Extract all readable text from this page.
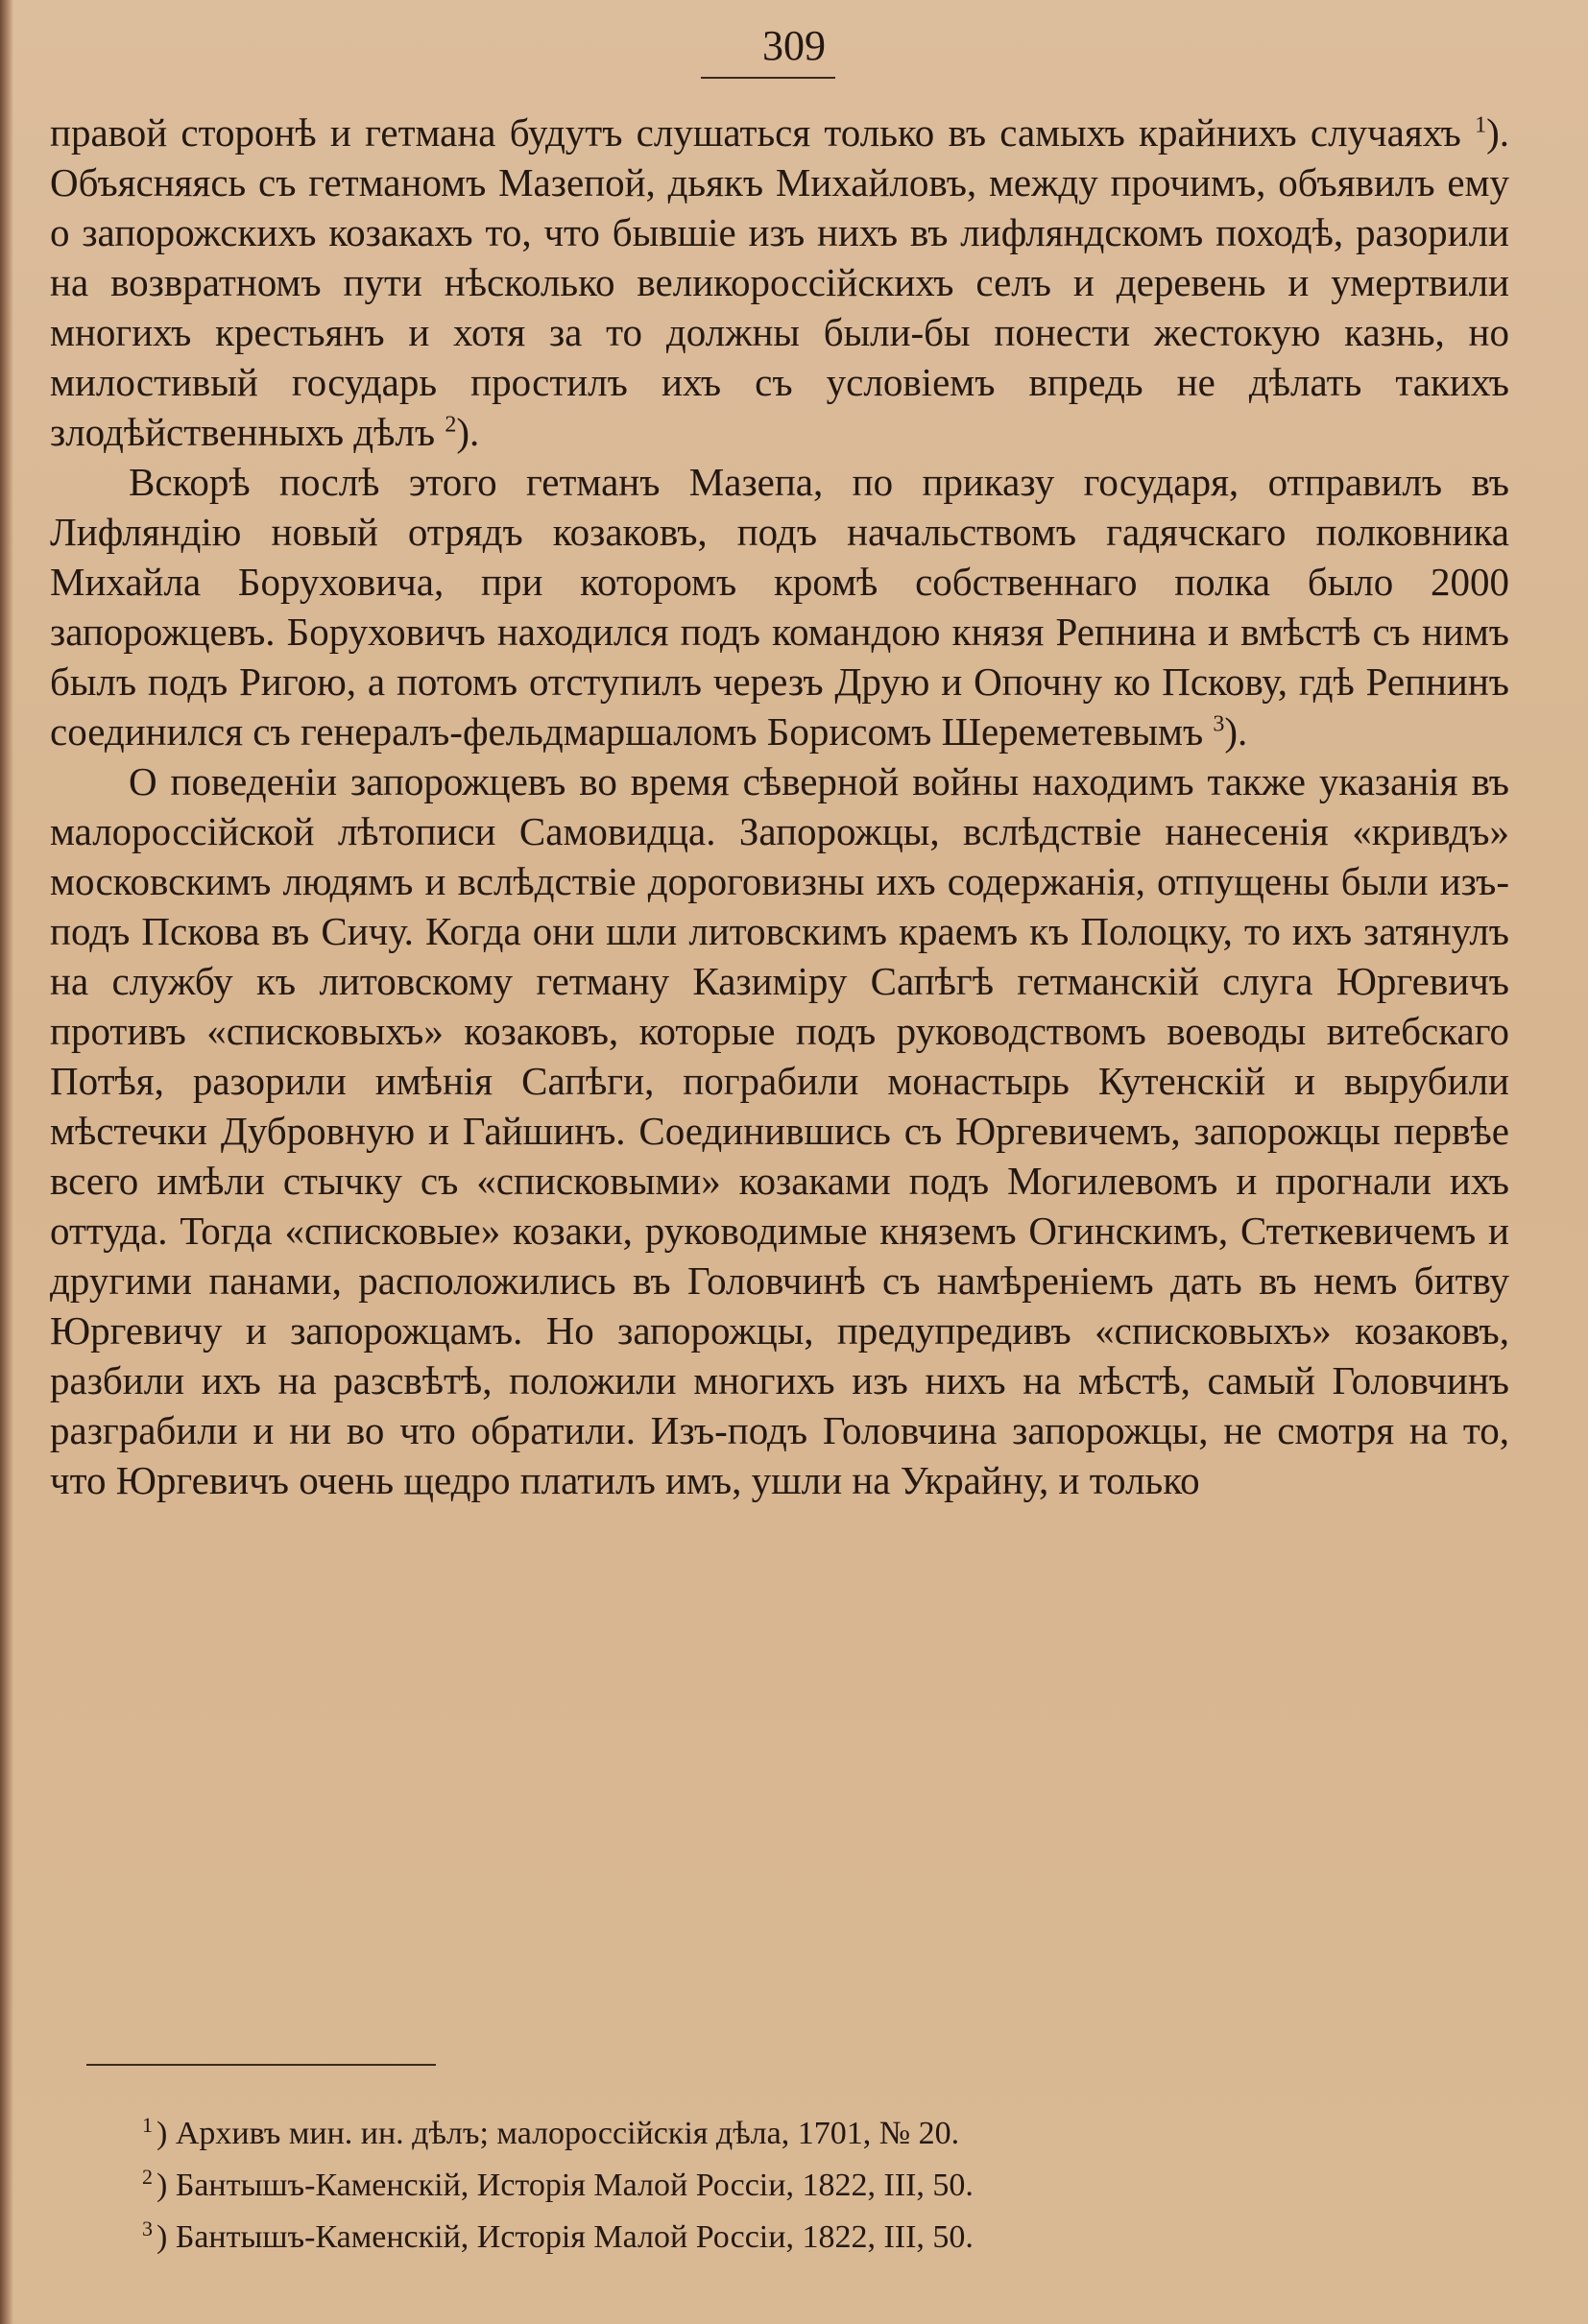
309

правой сторонѣ и гетмана будутъ слушаться только въ самыхъ крайнихъ случаяхъ $^1$). Объясняясь съ гетманомъ Мазепой, дьякъ Михайловъ, между прочимъ, объявилъ ему о запорожскихъ козакахъ то, что бывшіе изъ нихъ въ лифляндскомъ походѣ, разорили на возвратномъ пути нѣсколько великороссійскихъ селъ и деревень и умертвили многихъ крестьянъ и хотя за то должны были-бы понести жестокую казнь, но милостивый государь простилъ ихъ съ условіемъ впредь не дѣлать такихъ злодѣйственныхъ дѣлъ $^2$).

Вскорѣ послѣ этого гетманъ Мазепа, по приказу государя, отправилъ въ Лифляндію новый отрядъ козаковъ, подъ начальствомъ гадячскаго полковника Михайла Боруховича, при которомъ кромѣ собственнаго полка было 2000 запорожцевъ. Боруховичъ находился подъ командою князя Репнина и вмѣстѣ съ нимъ былъ подъ Ригою, а потомъ отступилъ черезъ Друю и Опочну ко Пскову, гдѣ Репнинъ соединился съ генералъ-фельдмаршаломъ Борисомъ Шереметевымъ $^3$).

О поведеніи запорожцевъ во время сѣверной войны находимъ также указанія въ малороссійской лѣтописи Самовидца. Запорожцы, вслѣдствіе нанесенія «кривдъ» московскимъ людямъ и вслѣдствіе дороговизны ихъ содержанія, отпущены были изъ-подъ Пскова въ Сичу. Когда они шли литовскимъ краемъ къ Полоцку, то ихъ затянулъ на службу къ литовскому гетману Казиміру Сапѣгѣ гетманскій слуга Юргевичъ противъ «списковыхъ» козаковъ, которые подъ руководствомъ воеводы витебскаго Потѣя, разорили имѣнія Сапѣги, пограбили монастырь Кутенскій и вырубили мѣстечки Дубровную и Гайшинъ. Соединившись съ Юргевичемъ, запорожцы первѣе всего имѣли стычку съ «списковыми» козаками подъ Могилевомъ и прогнали ихъ оттуда. Тогда «списковые» козаки, руководимые княземъ Огинскимъ, Стеткевичемъ и другими панами, расположились въ Головчинѣ съ намѣреніемъ дать въ немъ битву Юргевичу и запорожцамъ. Но запорожцы, предупредивъ «списковыхъ» козаковъ, разбили ихъ на разсвѣтѣ, положили многихъ изъ нихъ на мѣстѣ, самый Головчинъ разграбили и ни во что обратили. Изъ-подъ Головчина запорожцы, не смотря на то, что Юргевичъ очень щедро платилъ имъ, ушли на Украйну, и только

$^1$ ) Архивъ мин. ин. дѣлъ; малороссійскія дѣла, 1701, № 20.

$^2$ ) Бантышъ-Каменскій, Исторія Малой Россіи, 1822, III, 50.

$^3$ ) Бантышъ-Каменскій, Исторія Малой Россіи, 1822, III, 50.
